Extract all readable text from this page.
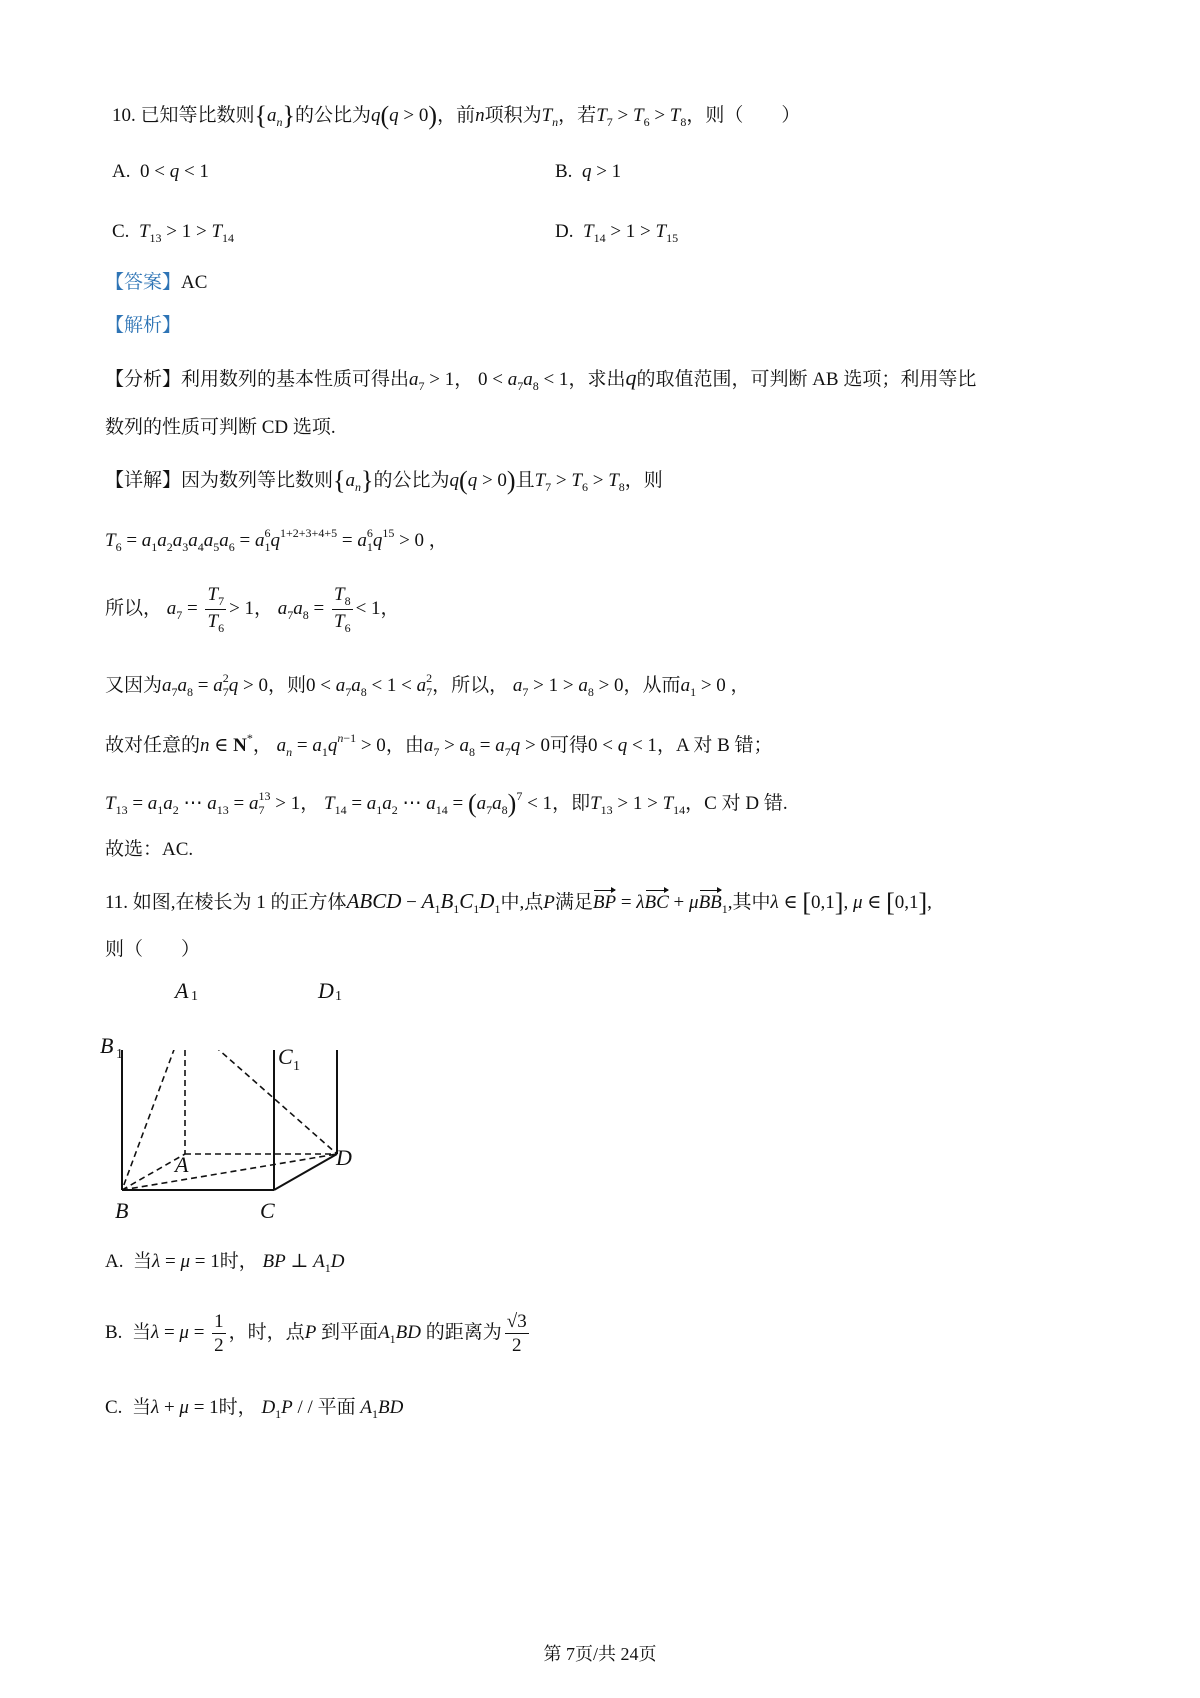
10. 已知等比数则$\{a_n\}$的公比为q(q > 0)，前n项积为$T_n$，若$T_7 > T_6 > T_8$，则（　　）
A.  0 < q < 1	B. q > 1
C. $T_{13} > 1 > T_{14}$	D. $T_{14} > 1 > T_{15}$
【答案】AC
【解析】
【分析】利用数列的基本性质可得出$a_7 > 1$， $0 < a_7a_8 < 1$，求出q的取值范围，可判断 AB 选项；利用等比
数列的性质可判断 CD 选项.
【详解】因为数列等比数则$\{a_n\}$的公比为q(q > 0)且$T_7 > T_6 > T_8$，则
$T_6 = a_1a_2a_3a_4a_5a_6 = a_1^6q^{1+2+3+4+5} = a_1^6q^{15} > 0$ ，
所以， $a_7 = \frac{T_7}{T_6} > 1$， $a_7a_8 = \frac{T_8}{T_6} < 1$，
又因为$a_7a_8 = a_7^2q > 0$，则$0 < a_7a_8 < 1 < a_7^2$，所以， $a_7 > 1 > a_8 > 0$，从而$a_1 > 0$ ，
故对任意的n ∈ N*， $a_n = a_1q^{n-1} > 0$，由$a_7 > a_8 = a_7q > 0$可得0 < q < 1，A 对 B 错；
$T_{13} = a_1a_2$ ⋯ $a_{13} = a_7^{13} > 1$， $T_{14} = a_1a_2$ ⋯ $a_{14} = (a_7a_8)^7 < 1$，即$T_{13} > 1 > T_{14}$，C 对 D 错.
故选：AC.
11. 如图,在棱长为 1 的正方体ABCD − $A_1B_1C_1D_1$中,点P满足BP = λBC + μBB$_1$,其中λ ∈ [0,1], μ ∈ [0,1],
则（　　）
A 1	D 1
B 1	C 1
A	D
B	C
A. 当λ = μ = 1时， BP ⊥ $A_1D$
B. 当$\lambda = \mu = \frac{1}{2}$ ，时，点P 到平面$A_1BD$ 的距离为 $\frac{√3}{2}$
C. 当λ + μ = 1时， $D_1P$ / / 平面 $A_1BD$
第 7页/共 24页
